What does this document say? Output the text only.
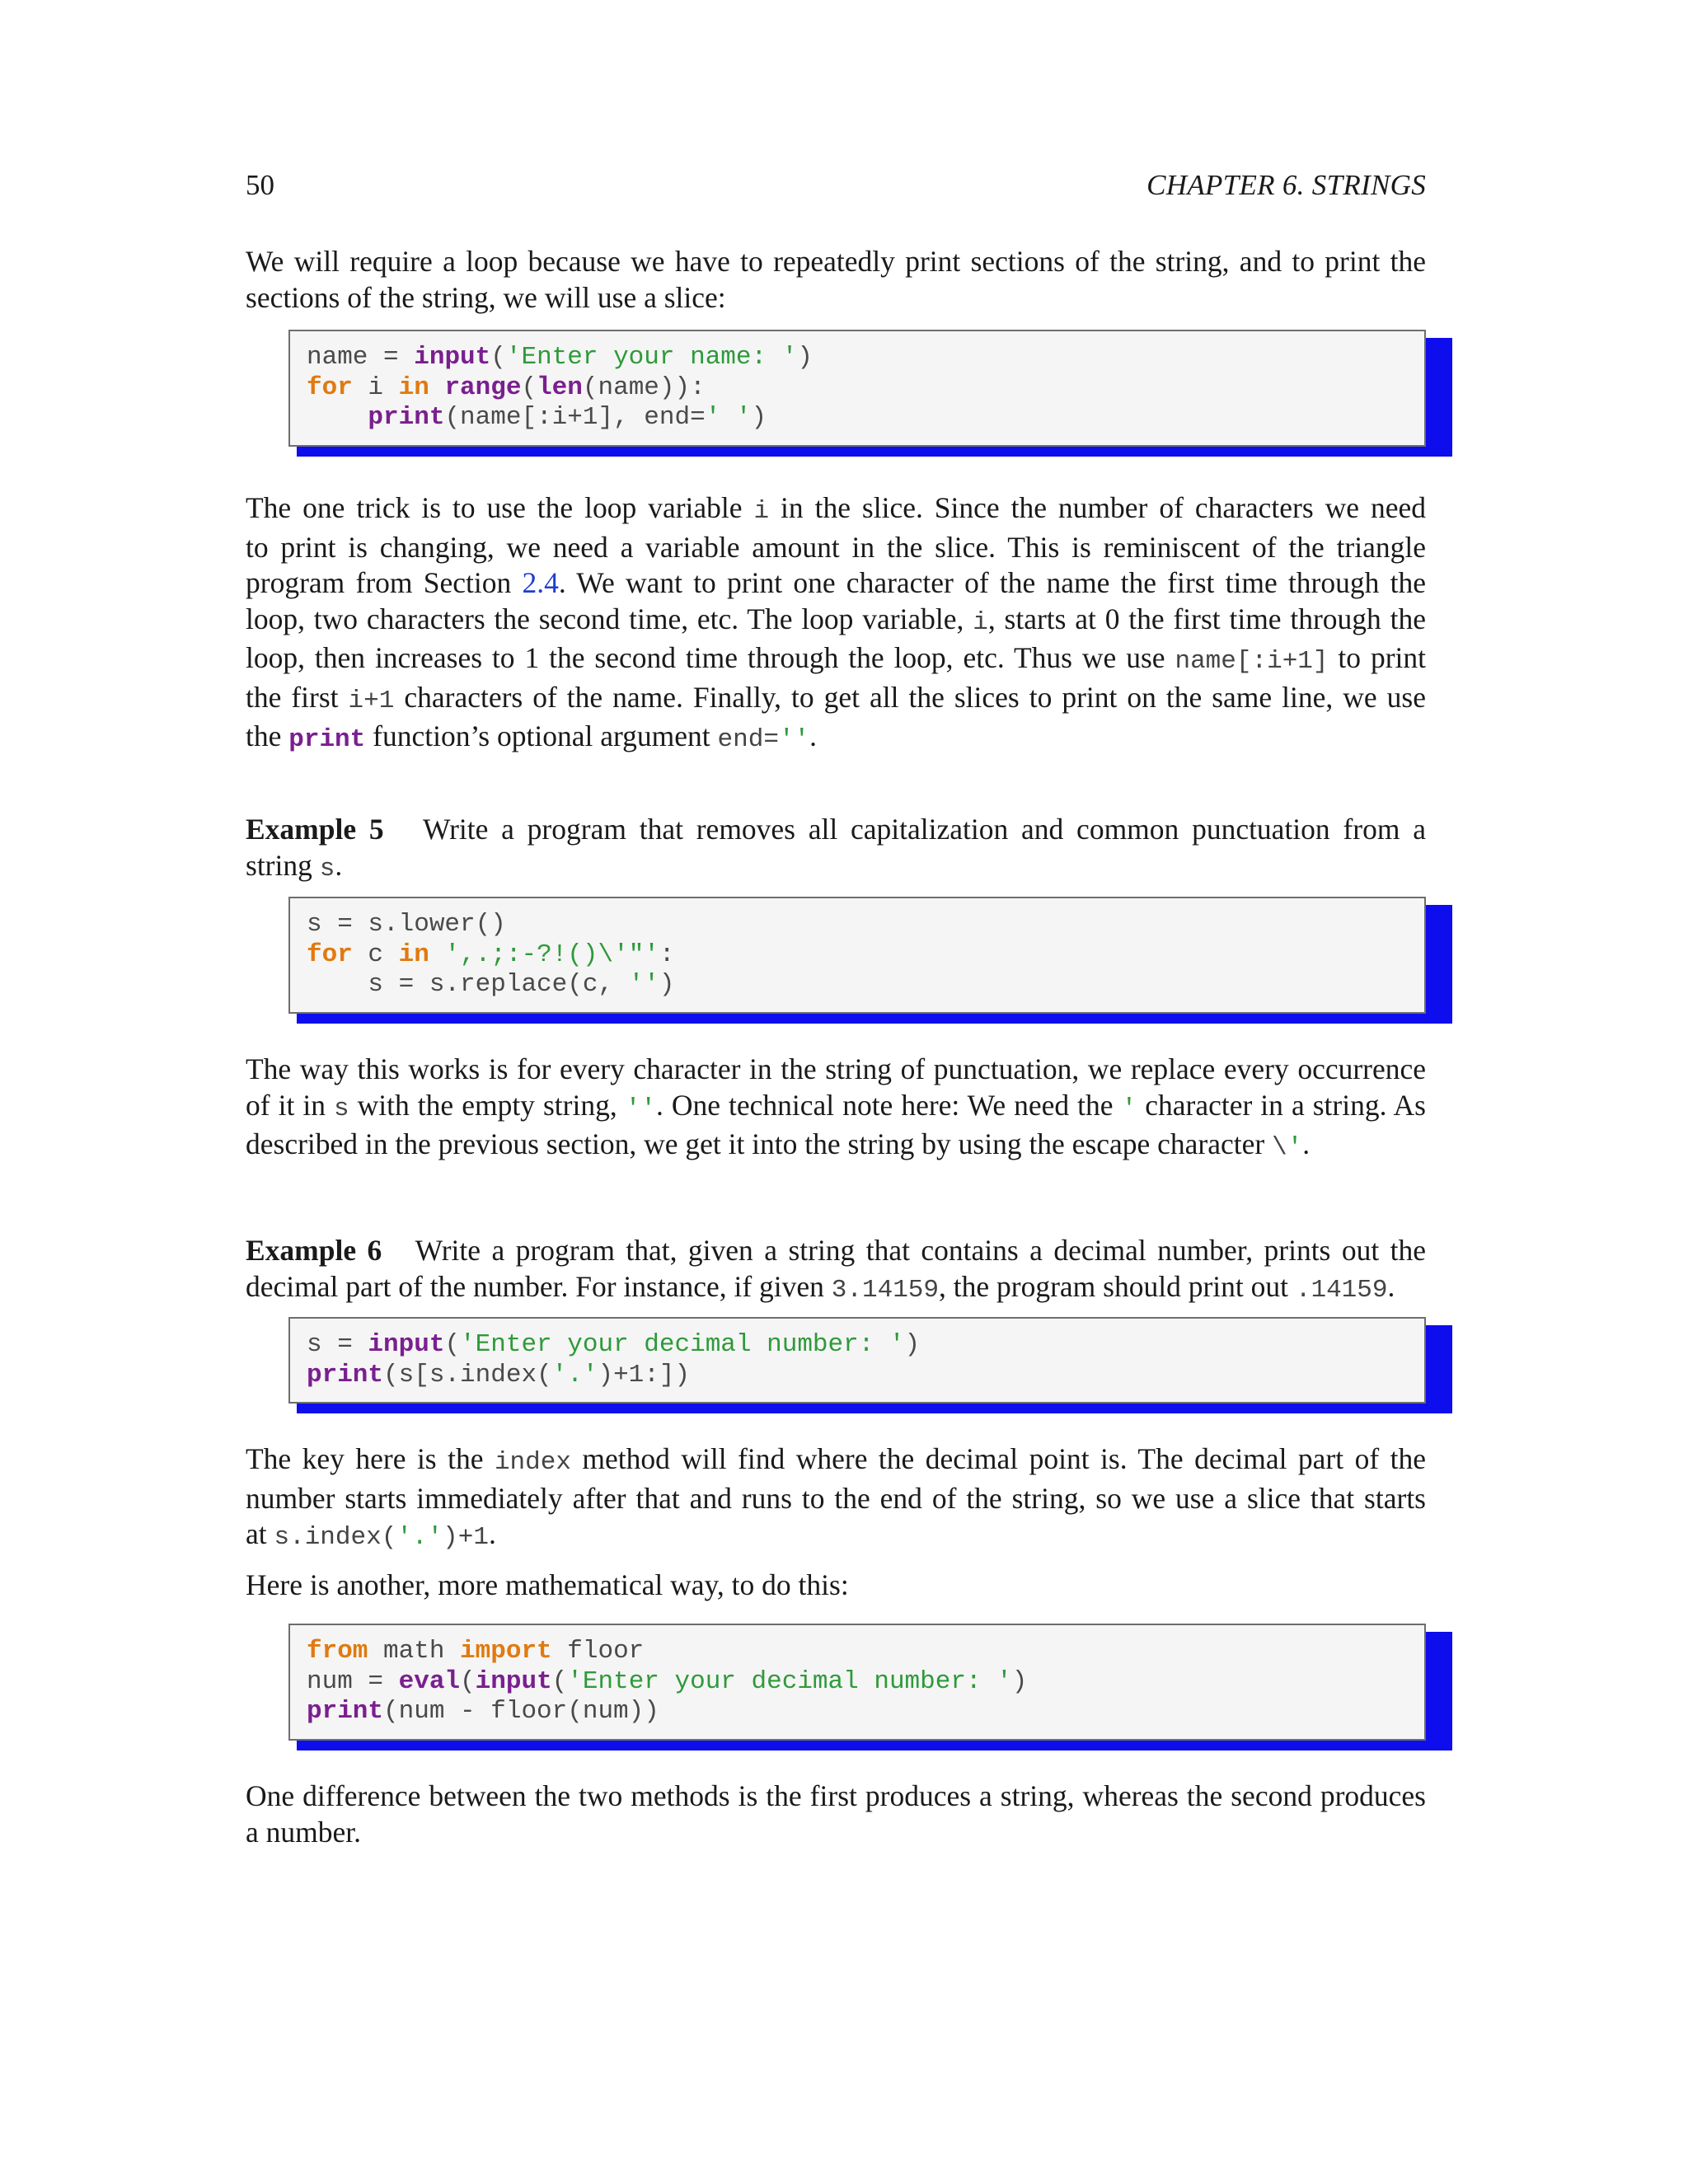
50	CHAPTER 6. STRINGS

We will require a loop because we have to repeatedly print sections of the string, and to print the
sections of the string, we will use a slice:

name = input('Enter your name: ')
for i in range(len(name)):
print(name[:i+1], end=' ')

The one trick is to use the loop variable i in the slice. Since the number of characters we need
to print is changing, we need a variable amount in the slice. This is reminiscent of the triangle
program from Section 2.4. We want to print one character of the name the first time through the
loop, two characters the second time, etc. The loop variable, i, starts at 0 the first time through the
loop, then increases to 1 the second time through the loop, etc. Thus we use name[:i+1] to print
the first i+1 characters of the name. Finally, to get all the slices to print on the same line, we use
the print function’s optional argument end=''.

Example 5 Write a program that removes all capitalization and common punctuation from a
string s.

s = s.lower()
for c in ',.;:-?!()\'"':
s = s.replace(c, '')

The way this works is for every character in the string of punctuation, we replace every occurrence
of it in s with the empty string, ''. One technical note here: We need the ' character in a string. As
described in the previous section, we get it into the string by using the escape character \'.

Example 6 Write a program that, given a string that contains a decimal number, prints out the
decimal part of the number. For instance, if given 3.14159, the program should print out .14159.

s = input('Enter your decimal number: ')
print(s[s.index('.')+1:])

The key here is the index method will find where the decimal point is. The decimal part of the
number starts immediately after that and runs to the end of the string, so we use a slice that starts
at s.index('.')+1.

Here is another, more mathematical way, to do this:

from math import floor
num = eval(input('Enter your decimal number: ')
print(num - floor(num))

One difference between the two methods is the first produces a string, whereas the second produces
a number.
